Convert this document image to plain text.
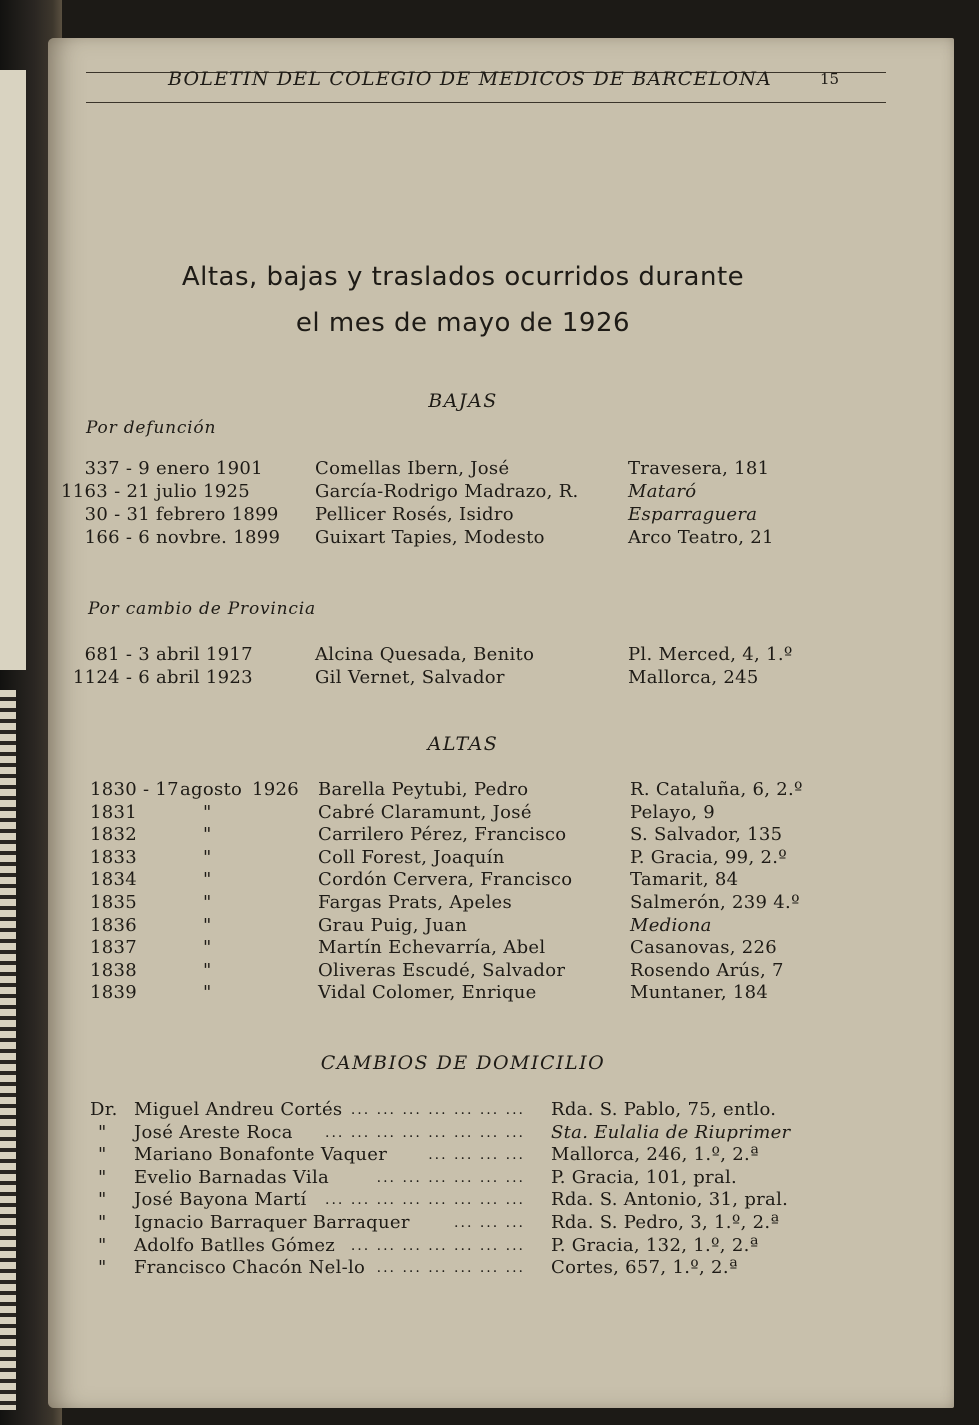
BOLETIN DEL COLEGIO DE MEDICOS DE BARCELONA	15
Altas, bajas y traslados ocurridos durante
el mes de mayo de 1926
BAJAS
Por defunción
337 - 9 enero 1901	Comellas Ibern, José	Travesera, 181
1163 - 21 julio 1925	García-Rodrigo Madrazo, R.	Mataró
30 - 31 febrero 1899 Pellicer Rosés, Isidro	Esparraguera
166 - 6 novbre. 1899 Guixart Tapies, Modesto	Arco Teatro, 21
Por cambio de Provincia
681 - 3 abril 1917	Alcina Quesada, Benito	Pl. Merced, 4, 1.º
1124 - 6 abril 1923	Gil Vernet, Salvador	Mallorca, 245
ALTAS
1830 - 17 agosto 1926 Barella Peytubi, Pedro	R. Cataluña, 6, 2.º
1831	"	Cabré Claramunt, José	Pelayo, 9
1832	"	Carrilero Pérez, Francisco	S. Salvador, 135
1833	"	Coll Forest, Joaquín	P. Gracia, 99, 2.º
1834	"	Cordón Cervera, Francisco	Tamarit, 84
1835	"	Fargas Prats, Apeles	Salmerón, 239 4.º
1836	"	Grau Puig, Juan	Mediona
1837	"	Martín Echevarría, Abel	Casanovas, 226
1838	"	Oliveras Escudé, Salvador	Rosendo Arús, 7
1839	"	Vidal Colomer, Enrique	Muntaner, 184
CAMBIOS DE DOMICILIO
Dr. Miguel Andreu Cortés ... ... ... ... ... ... ... Rda. S. Pablo, 75, entlo.
" José Areste Roca ... ... ... ... ... ... ... ... Sta. Eulalia de Riuprimer
" Mariano Bonafonte Vaquer	... ... ... ... Mallorca, 246, 1.º, 2.ª
" Evelio Barnadas Vila	... ... ... ... ... ... P. Gracia, 101, pral.
" José Bayona Martí ... ... ... ... ... ... ... ... Rda. S. Antonio, 31, pral.
" Ignacio Barraquer Barraquer	... ... ... Rda. S. Pedro, 3, 1.º, 2.ª
" Adolfo Batlles Gómez ... ... ... ... ... ... ... P. Gracia, 132, 1.º, 2.ª
" Francisco Chacón Nel-lo ... ... ... ... ... ... Cortes, 657, 1.º, 2.ª
